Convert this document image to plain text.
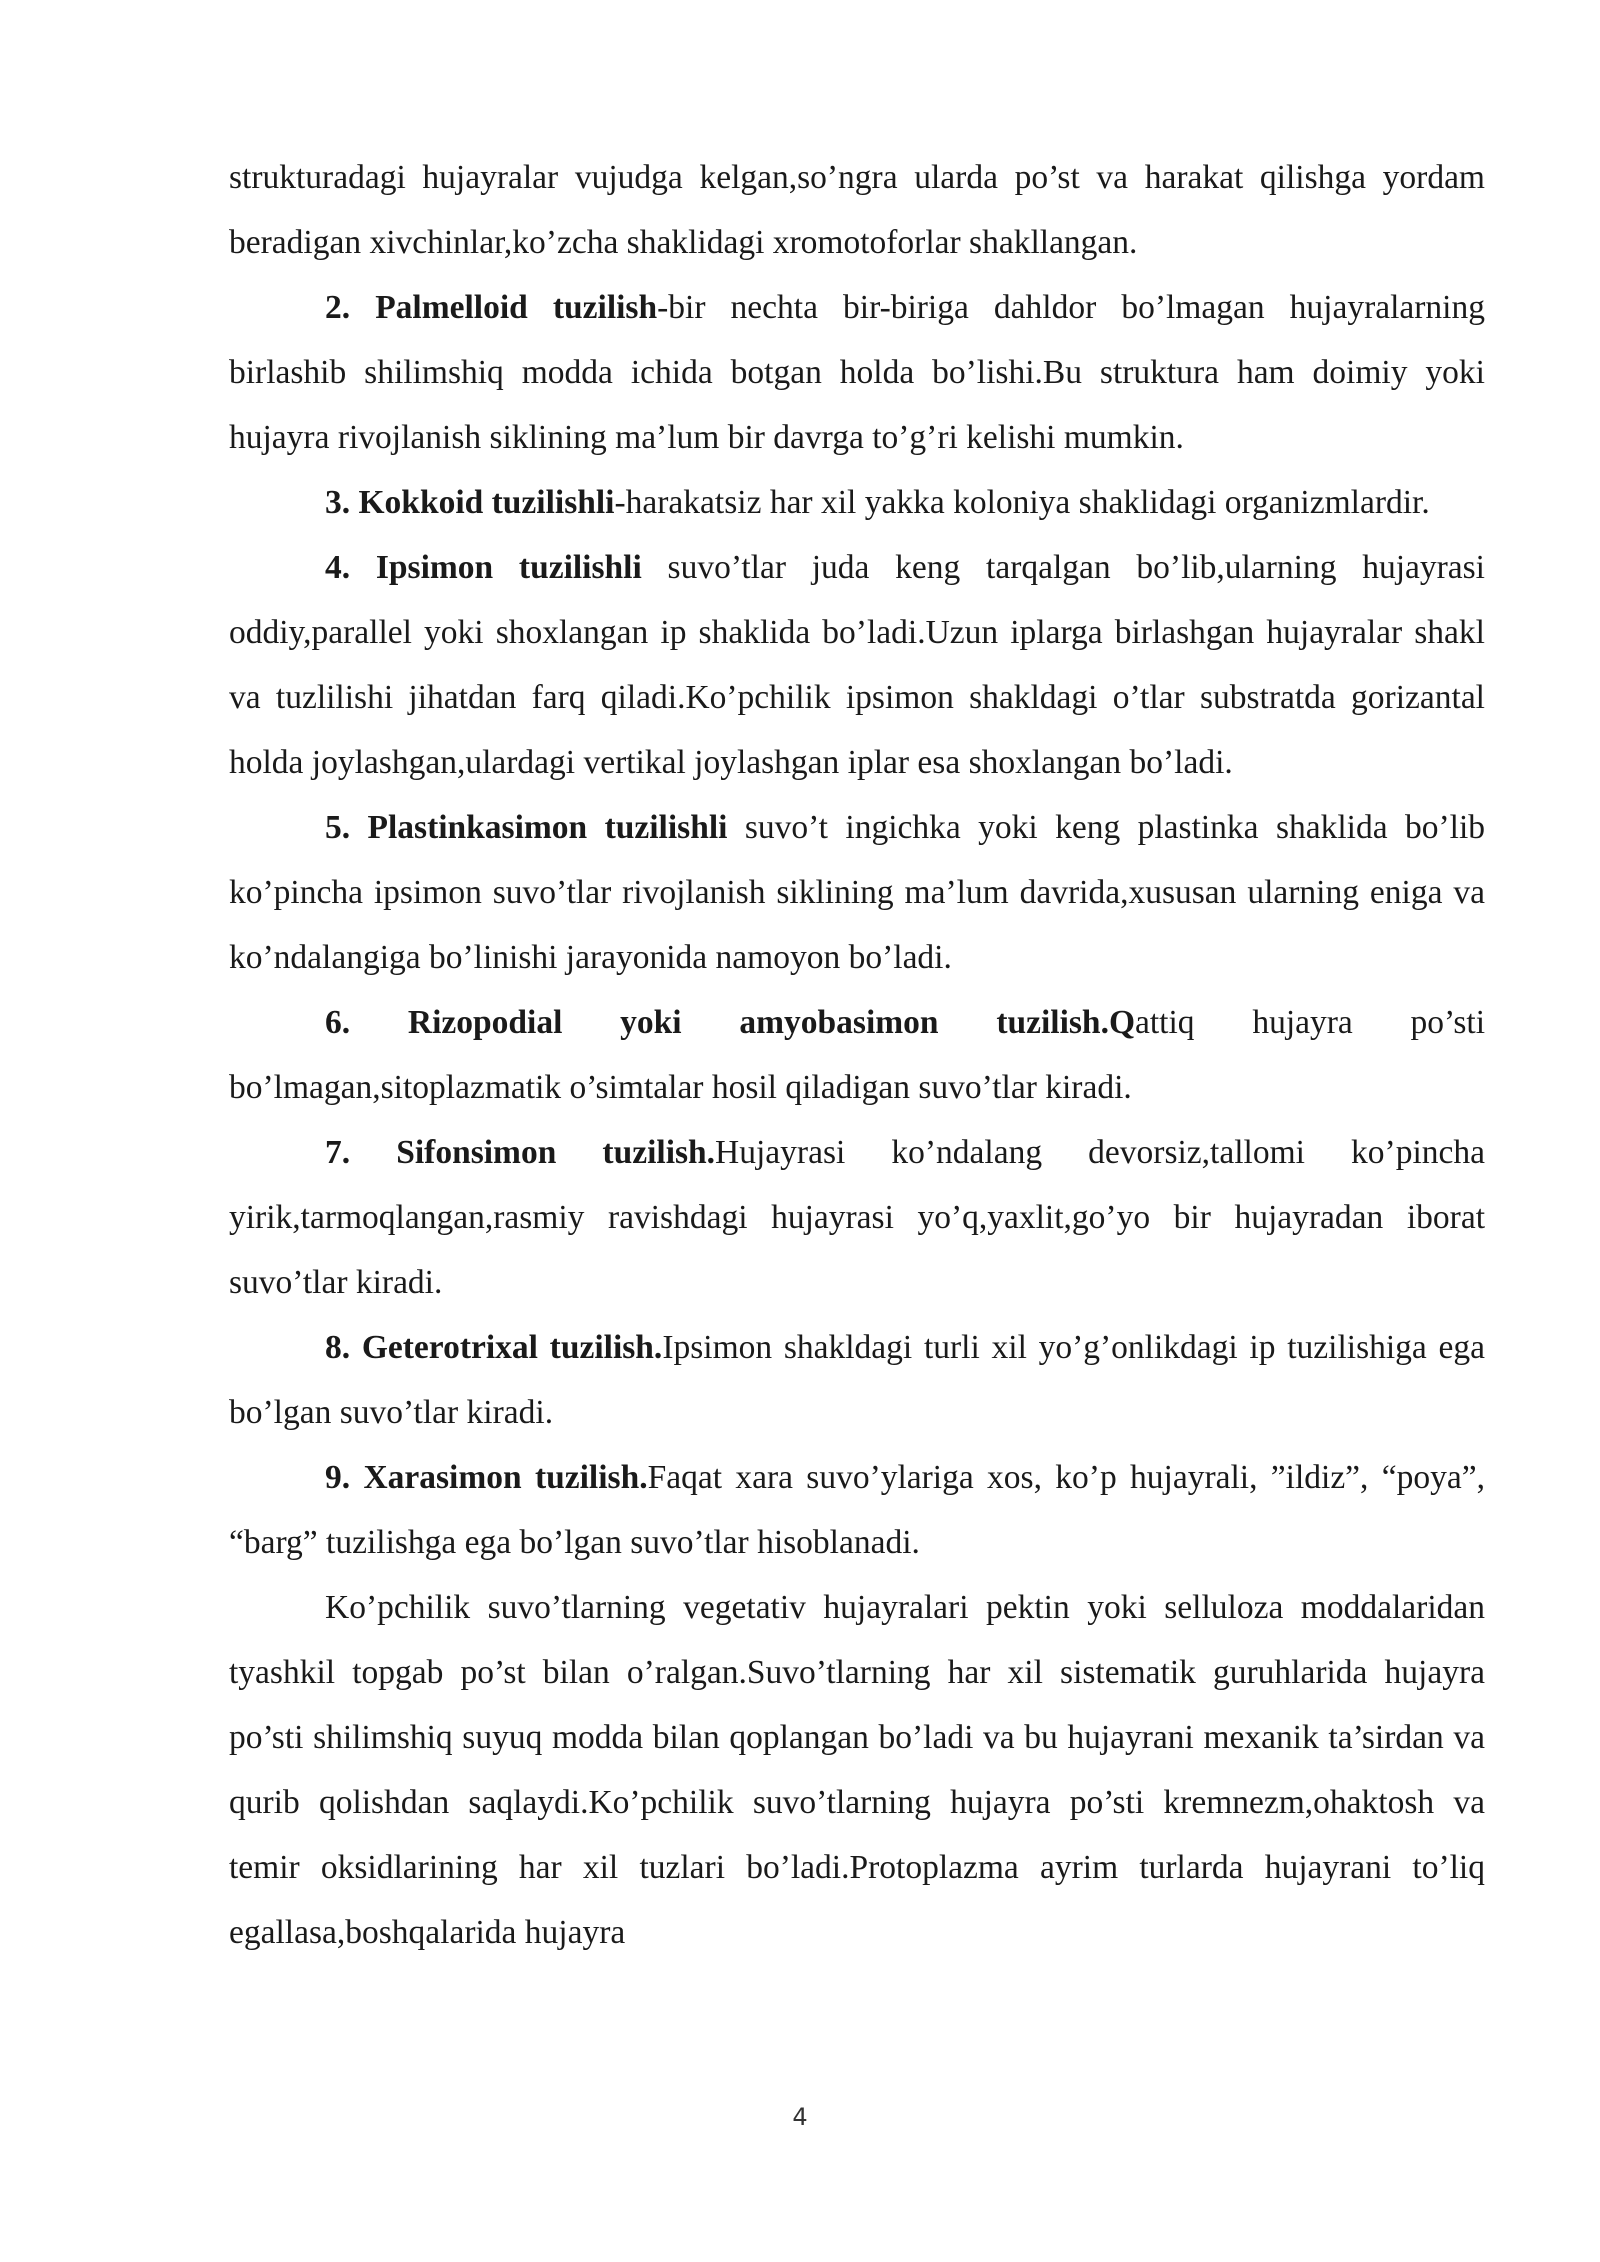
strukturadagi hujayralar vujudga kelgan,so’ngra ularda po’st va harakat qilishga yordam beradigan xivchinlar,ko’zcha shaklidagi xromotoforlar shakllangan.

2. Palmelloid tuzilish-bir nechta bir-biriga dahldor bo’lmagan hujayralarning birlashib shilimshiq modda ichida botgan holda bo’lishi.Bu struktura ham doimiy yoki hujayra rivojlanish siklining ma’lum bir davrga to’g’ri kelishi mumkin.

3. Kokkoid tuzilishli-harakatsiz har xil yakka koloniya shaklidagi organizmlardir.

4. Ipsimon tuzilishli suvo’tlar juda keng tarqalgan bo’lib,ularning hujayrasi oddiy,parallel yoki shoxlangan ip shaklida bo’ladi.Uzun iplarga birlashgan hujayralar shakl va tuzlilishi jihatdan farq qiladi.Ko’pchilik ipsimon shakldagi o’tlar substratda gorizantal holda joylashgan,ulardagi vertikal joylashgan iplar esa shoxlangan bo’ladi.

5. Plastinkasimon tuzilishli suvo’t ingichka yoki keng plastinka shaklida bo’lib ko’pincha ipsimon suvo’tlar rivojlanish siklining ma’lum davrida,xususan ularning eniga va ko’ndalangiga bo’linishi jarayonida namoyon bo’ladi.

6. Rizopodial yoki amyobasimon tuzilish.Qattiq hujayra po’sti bo’lmagan,sitoplazmatik o’simtalar hosil qiladigan suvo’tlar kiradi.

7. Sifonsimon tuzilish.Hujayrasi ko’ndalang devorsiz,tallomi ko’pincha yirik,tarmoqlangan,rasmiy ravishdagi hujayrasi yo’q,yaxlit,go’yo bir hujayradan iborat suvo’tlar kiradi.

8. Geterotrixal tuzilish.Ipsimon shakldagi turli xil yo’g’onlikdagi ip tuzilishiga ega bo’lgan suvo’tlar kiradi.

9. Xarasimon tuzilish.Faqat xara suvo’ylariga xos, ko’p hujayrali, ”ildiz”, “poya”, “barg” tuzilishga ega bo’lgan suvo’tlar hisoblanadi.

Ko’pchilik suvo’tlarning vegetativ hujayralari pektin yoki selluloza moddalaridan tyashkil topgab po’st bilan o’ralgan.Suvo’tlarning har xil sistematik guruhlarida hujayra po’sti shilimshiq suyuq modda bilan qoplangan bo’ladi va bu hujayrani mexanik ta’sirdan va qurib qolishdan saqlaydi.Ko’pchilik suvo’tlarning hujayra po’sti kremnezm,ohaktosh va temir oksidlarining har xil tuzlari bo’ladi.Protoplazma ayrim turlarda hujayrani to’liq egallasa,boshqalarida hujayra

4
